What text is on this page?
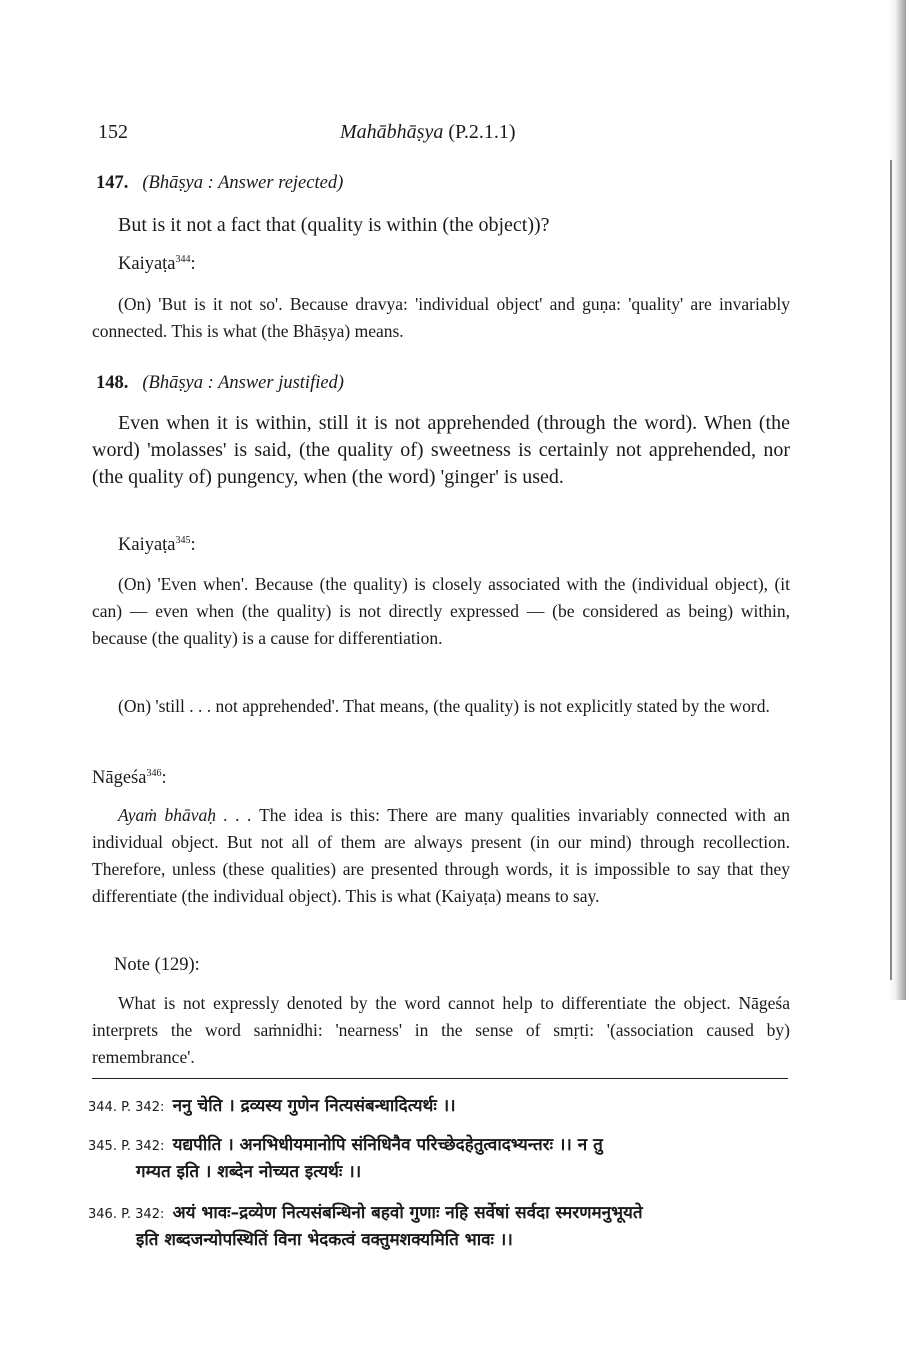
152	Mahābhāṣya (P.2.1.1)
147. (Bhāṣya : Answer rejected)
But is it not a fact that (quality is within (the object))?
Kaiyaṭa$^{344}$:
(On) 'But is it not so'. Because dravya: 'individual object' and guṇa: 'quality' are invariably connected. This is what (the Bhāṣya) means.
148. (Bhāṣya : Answer justified)
Even when it is within, still it is not apprehended (through the word). When (the word) 'molasses' is said, (the quality of) sweetness is certainly not apprehended, nor (the quality of) pungency, when (the word) 'ginger' is used.
Kaiyaṭa$^{345}$:
(On) 'Even when'. Because (the quality) is closely associated with the (individual object), (it can) — even when (the quality) is not directly expressed — (be considered as being) within, because (the quality) is a cause for differentiation.
(On) 'still . . . not apprehended'. That means, (the quality) is not explicitly stated by the word.
Nāgeśa$^{346}$:
Ayaṁ bhāvaḥ . . . The idea is this: There are many qualities invariably connected with an individual object. But not all of them are always present (in our mind) through recollection. Therefore, unless (these qualities) are presented through words, it is impossible to say that they differentiate (the individual object). This is what (Kaiyaṭa) means to say.
Note (129):
What is not expressly denoted by the word cannot help to differentiate the object. Nāgeśa interprets the word saṁnidhi: 'nearness' in the sense of smṛti: '(association caused by) remembrance'.
344. P. 342: ननु चेति । द्रव्यस्य गुणेन नित्यसंबन्धादित्यर्थः ।।
345. P. 342: यद्यपीति । अनभिधीयमानोपि संनिधिनैव परिच्छेदहेतुत्वादभ्यन्तरः ।। न तु
गम्यत इति । शब्देन नोच्यत इत्यर्थः ।।
346. P. 342: अयं भावः–द्रव्येण नित्यसंबन्धिनो बहवो गुणाः नहि सर्वेषां सर्वदा स्मरणमनुभूयते
इति शब्दजन्योपस्थितिं विना भेदकत्वं वक्तुमशक्यमिति भावः ।।
